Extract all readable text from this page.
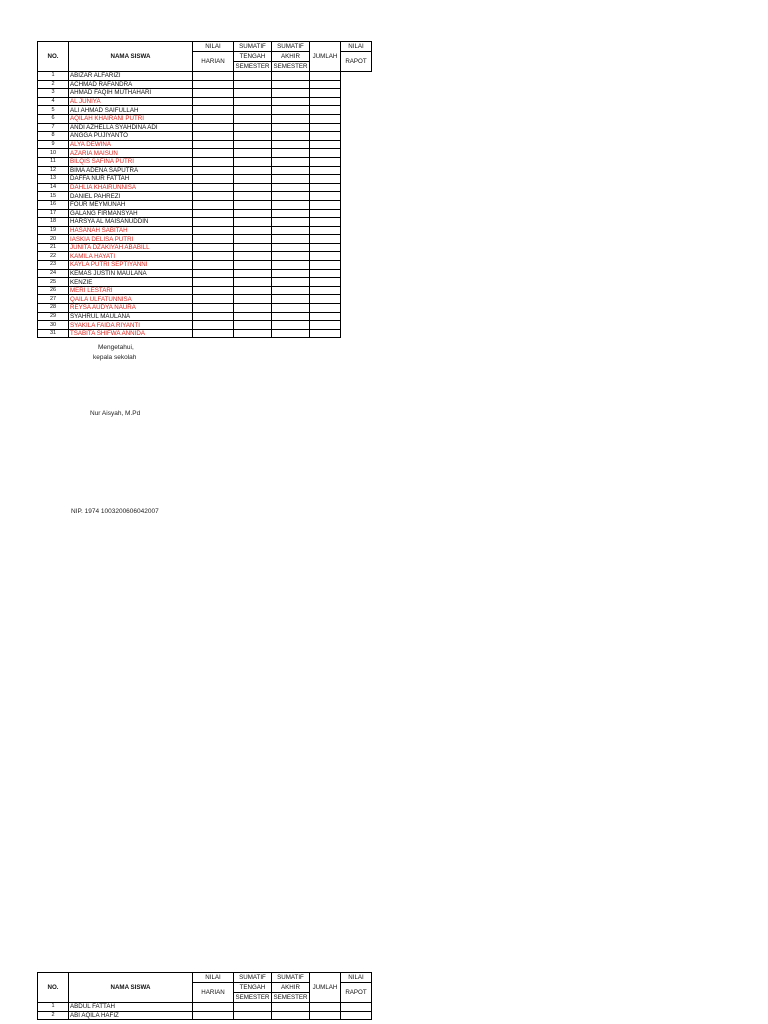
NO.	NAMA SISWA	NILAI	SUMATIF	SUMATIF	JUMLAH	NILAI
		HARIAN	TENGAH	AKHIR		RAPOT
			SEMESTER	SEMESTER		
1	ABIZAR ALFARIZI					
2	ACHMAD RAFANDRA					
3	AHMAD FAQIH MUTHAHARI					
4	AL JUNIYA					
5	ALI AHMAD SAIFULLAH					
6	AQILAH KHAIRANI PUTRI					
7	ANDI AZHELLA SYAHDINA ADI					
8	ANGGA PUJIYANTO					
9	ALYA DEWINA					
10	AZARIA MAISUN					
11	BILQIS SAFINA PUTRI					
12	BIMA ADENA SAPUTRA					
13	DAFFA NUR FATTAH					
14	DAHLIA KHAIRUNNISA					
15	DANIEL PAHREZI					
16	FOUR MEYMUNAH					
17	GALANG FIRMANSYAH					
18	HARSYA AL MAISANUDDIN					
19	HASANAH SABITAH					
20	IASKIA DELISA PUTRI					
21	JUNITA DZAKIYAH ABABILL					
22	KAMILA HAYATI					
23	KAYLA PUTRI SEPTIYANNI					
24	KEMAS JUSTIN MAULANA					
25	KENZIE					
26	MERI LESTARI					
27	QAILA ULFATUNNISA					
28	REYSA AUDYA NAURA					
29	SYAHRUL MAULANA					
30	SYAKILA FAIDA RIYANTI					
31	TSABITA SHIFWA ANNIDA					
Mengetahui,
kepala sekolah
Nur Aisyah, M.Pd
NIP. 1974 1003200606042007
NO.	NAMA SISWA	NILAI	SUMATIF	SUMATIF	JUMLAH	NILAI
		HARIAN	TENGAH	AKHIR		RAPOT
			SEMESTER	SEMESTER		
1	ABDUL FATTAH					
2	ABI AQILA HAFIZ					
